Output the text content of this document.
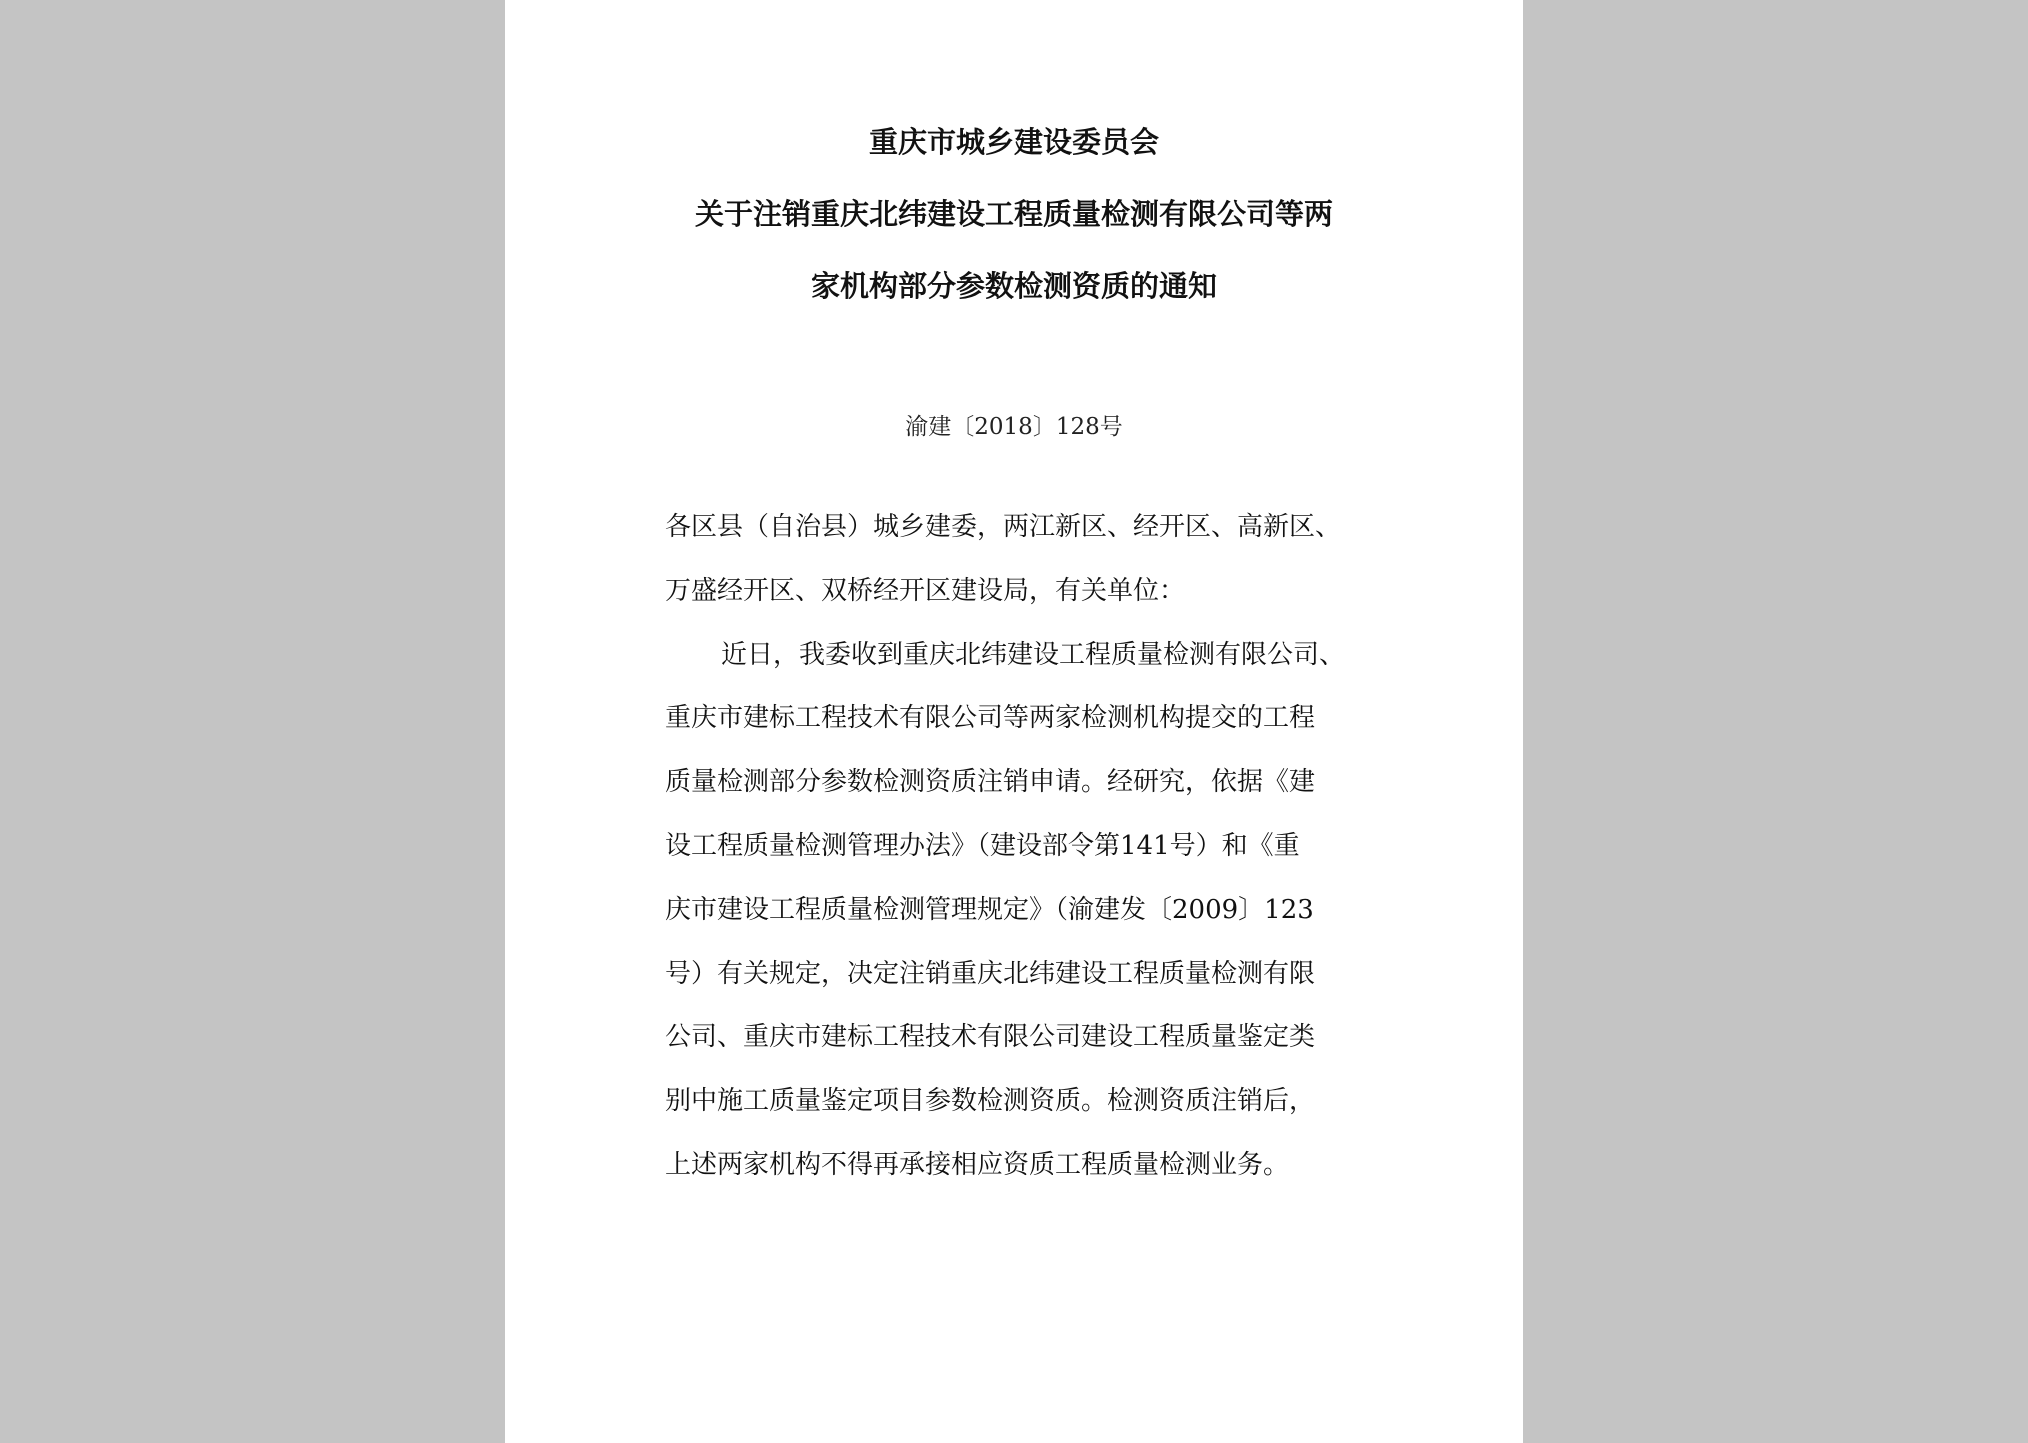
重庆市城乡建设委员会
关于注销重庆北纬建设工程质量检测有限公司等两
家机构部分参数检测资质的通知
渝建〔2018〕128号
各区县（自治县）城乡建委，两江新区、经开区、高新区、
万盛经开区、双桥经开区建设局，有关单位：
近日，我委收到重庆北纬建设工程质量检测有限公司、
重庆市建标工程技术有限公司等两家检测机构提交的工程
质量检测部分参数检测资质注销申请。经研究，依据《建
设工程质量检测管理办法》（建设部令第141号）和《重
庆市建设工程质量检测管理规定》（渝建发〔2009〕123
号）有关规定，决定注销重庆北纬建设工程质量检测有限
公司、重庆市建标工程技术有限公司建设工程质量鉴定类
别中施工质量鉴定项目参数检测资质。检测资质注销后，
上述两家机构不得再承接相应资质工程质量检测业务。
